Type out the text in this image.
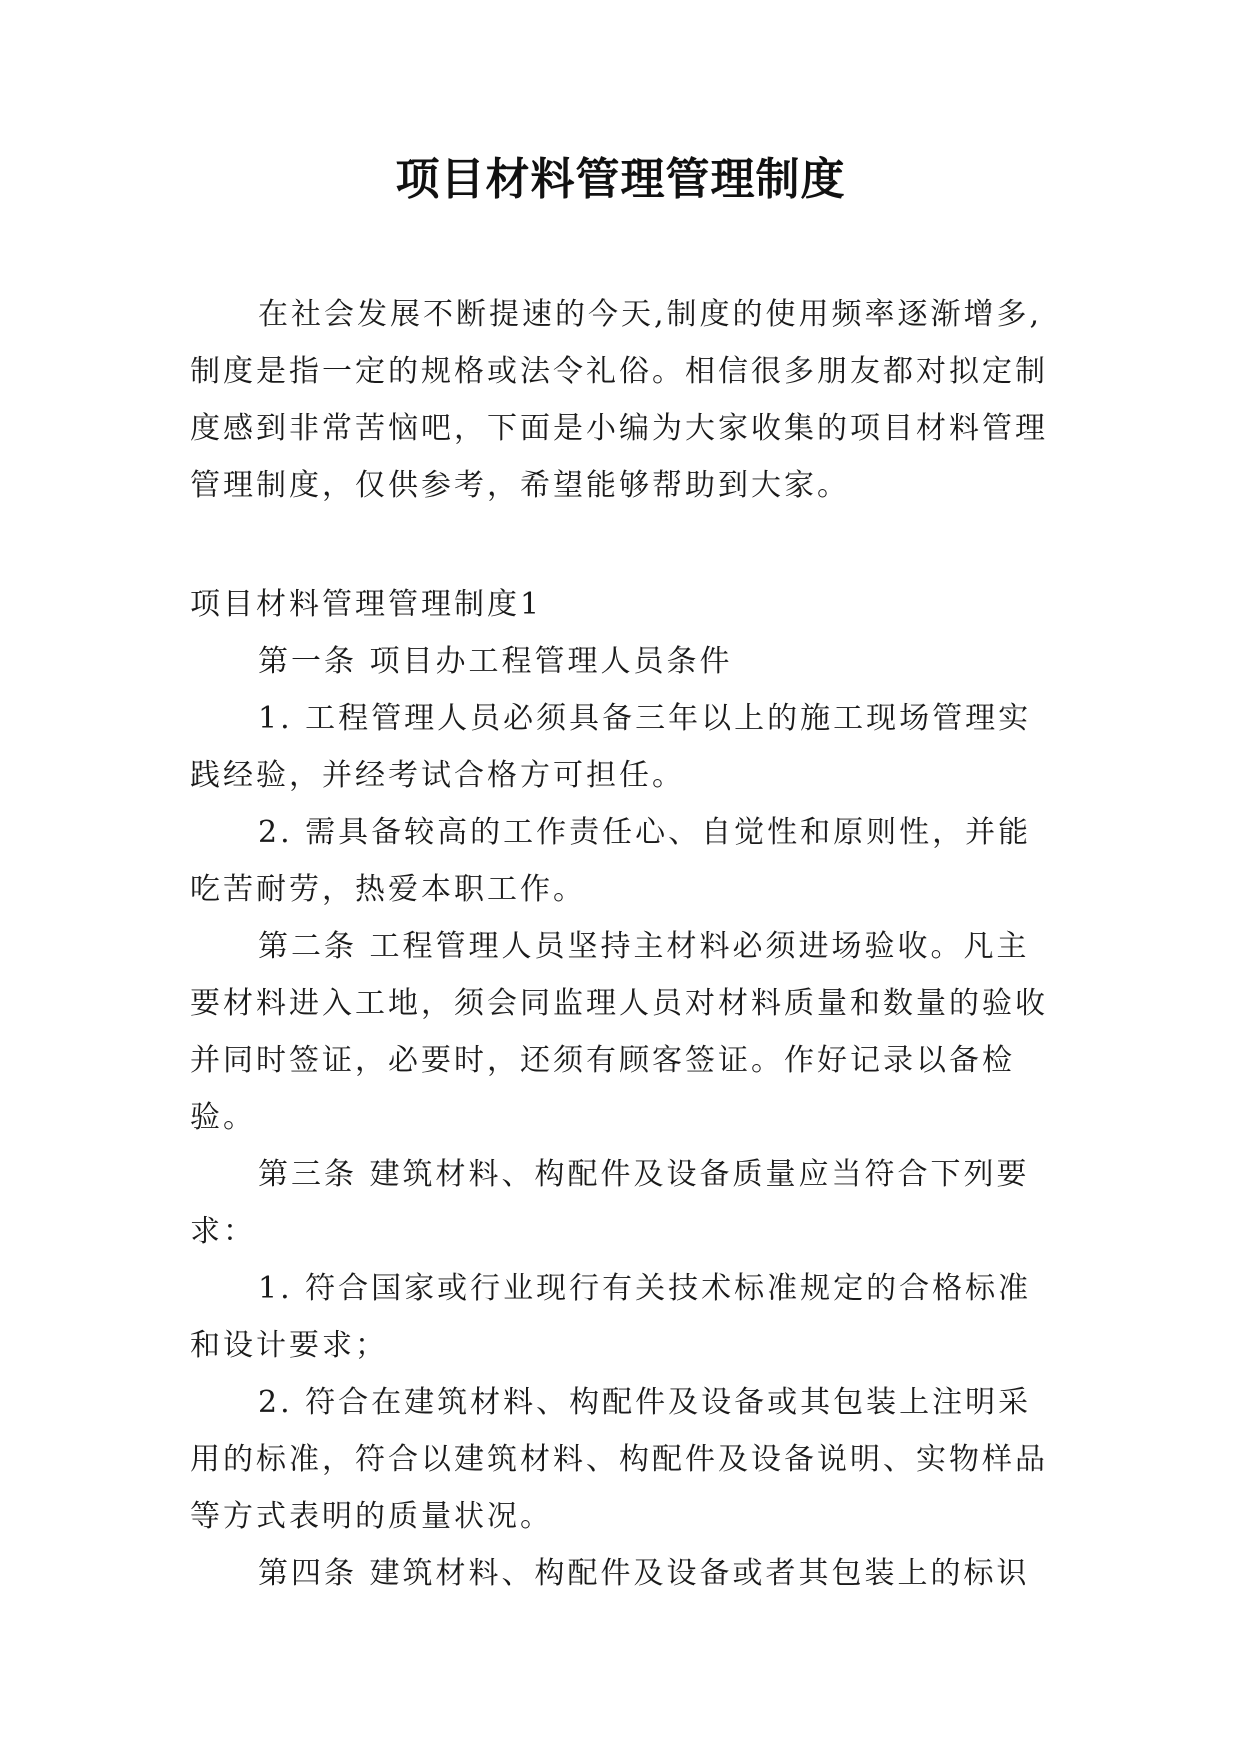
项目材料管理管理制度
在社会发展不断提速的今天,制度的使用频率逐渐增多,制度是指一定的规格或法令礼俗。相信很多朋友都对拟定制度感到非常苦恼吧，下面是小编为大家收集的项目材料管理管理制度，仅供参考，希望能够帮助到大家。

项目材料管理管理制度1

第一条 项目办工程管理人员条件

1. 工程管理人员必须具备三年以上的施工现场管理实践经验，并经考试合格方可担任。

2. 需具备较高的工作责任心、自觉性和原则性，并能吃苦耐劳，热爱本职工作。

第二条 工程管理人员坚持主材料必须进场验收。凡主要材料进入工地，须会同监理人员对材料质量和数量的验收并同时签证，必要时，还须有顾客签证。作好记录以备检验。

第三条 建筑材料、构配件及设备质量应当符合下列要求：

1. 符合国家或行业现行有关技术标准规定的合格标准和设计要求；

2. 符合在建筑材料、构配件及设备或其包装上注明采用的标准，符合以建筑材料、构配件及设备说明、实物样品等方式表明的质量状况。

第四条 建筑材料、构配件及设备或者其包装上的标识
